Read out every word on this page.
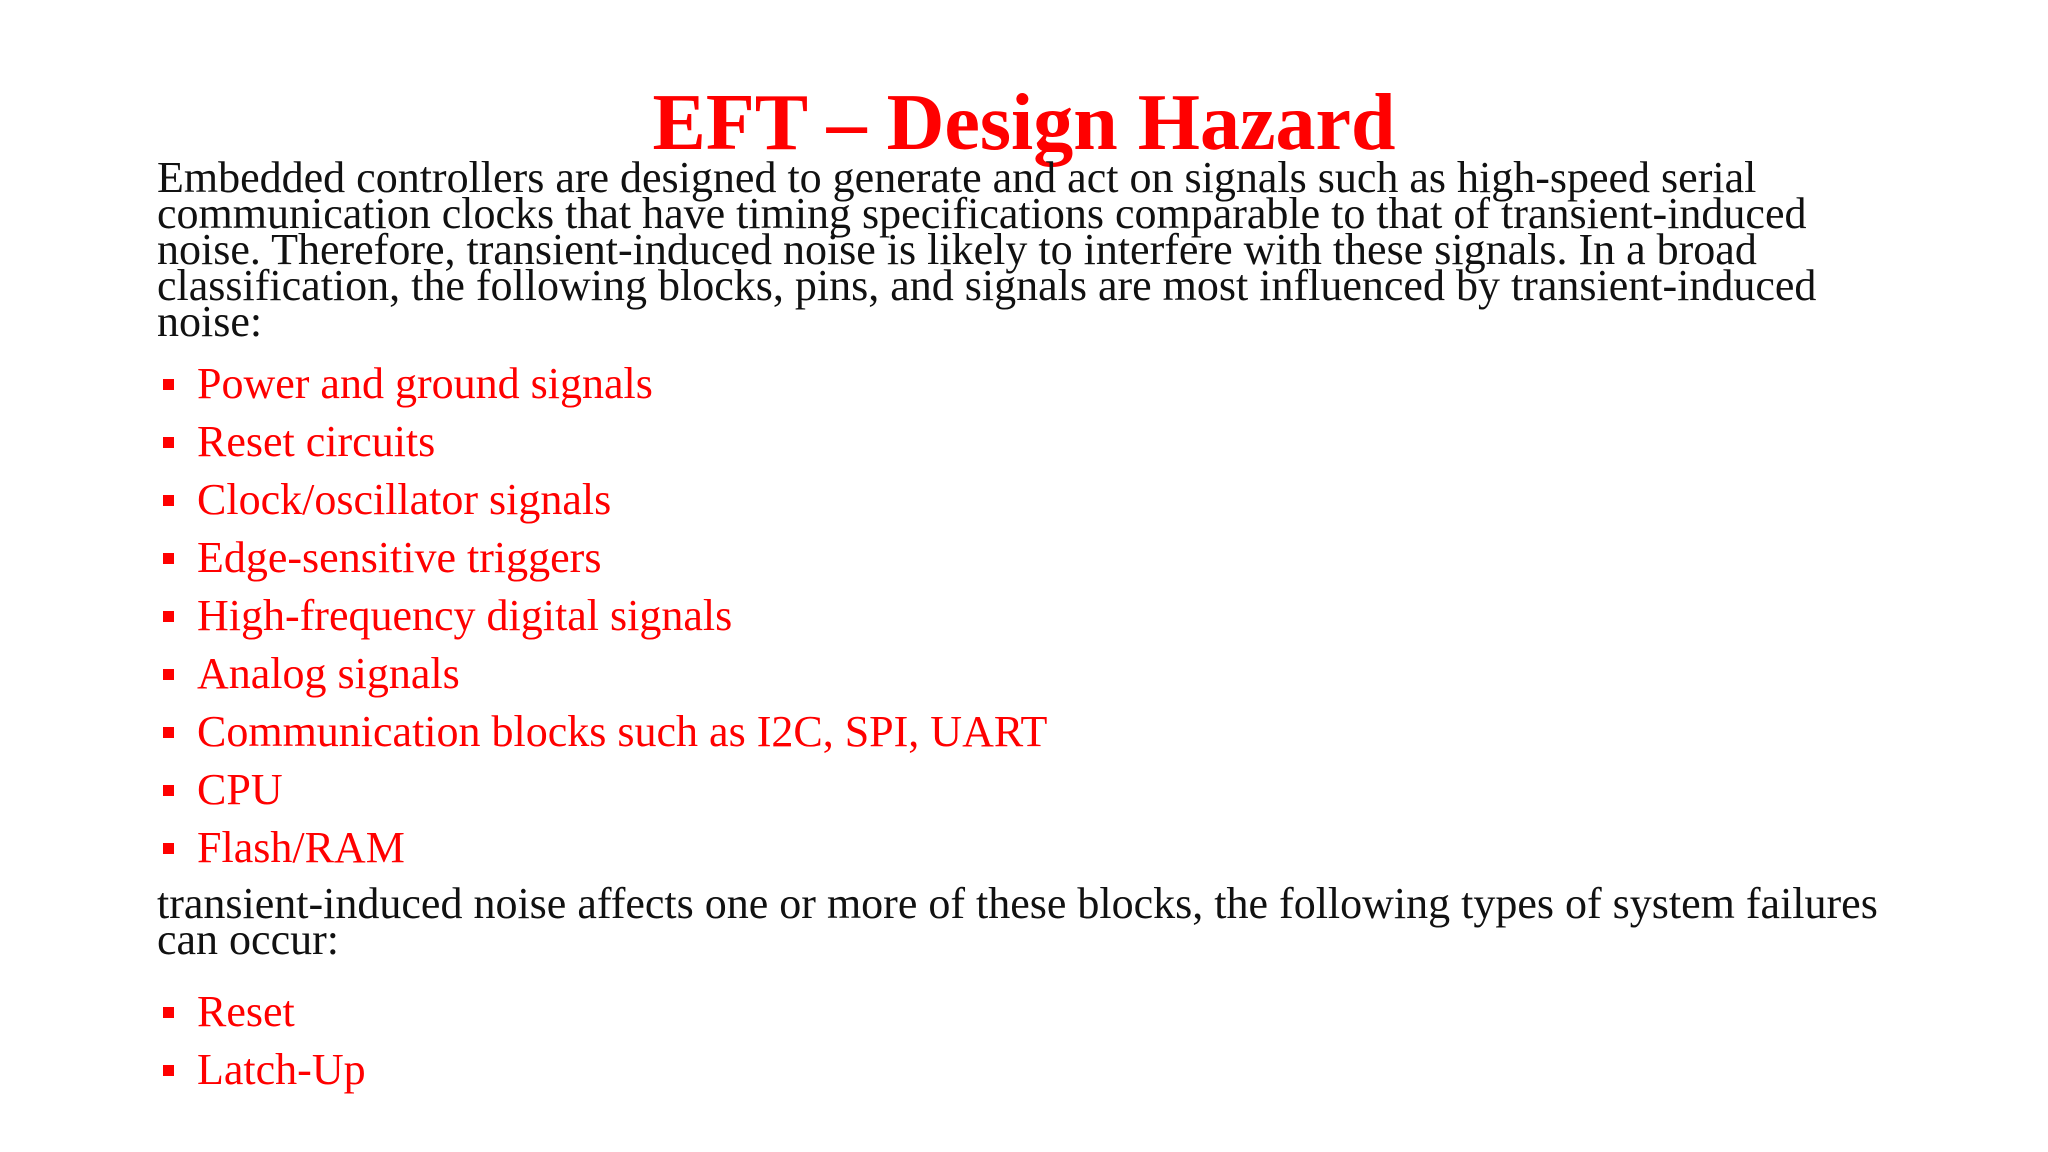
EFT – Design Hazard

Embedded controllers are designed to generate and act on signals such as high-speed serial communication clocks that have timing specifications comparable to that of transient-induced noise. Therefore, transient-induced noise is likely to interfere with these signals. In a broad classification, the following blocks, pins, and signals are most influenced by transient-induced noise:

Power and ground signals
Reset circuits
Clock/oscillator signals
Edge-sensitive triggers
High-frequency digital signals
Analog signals
Communication blocks such as I2C, SPI, UART
CPU
Flash/RAM

transient-induced noise affects one or more of these blocks, the following types of system failures can occur:

Reset
Latch-Up
